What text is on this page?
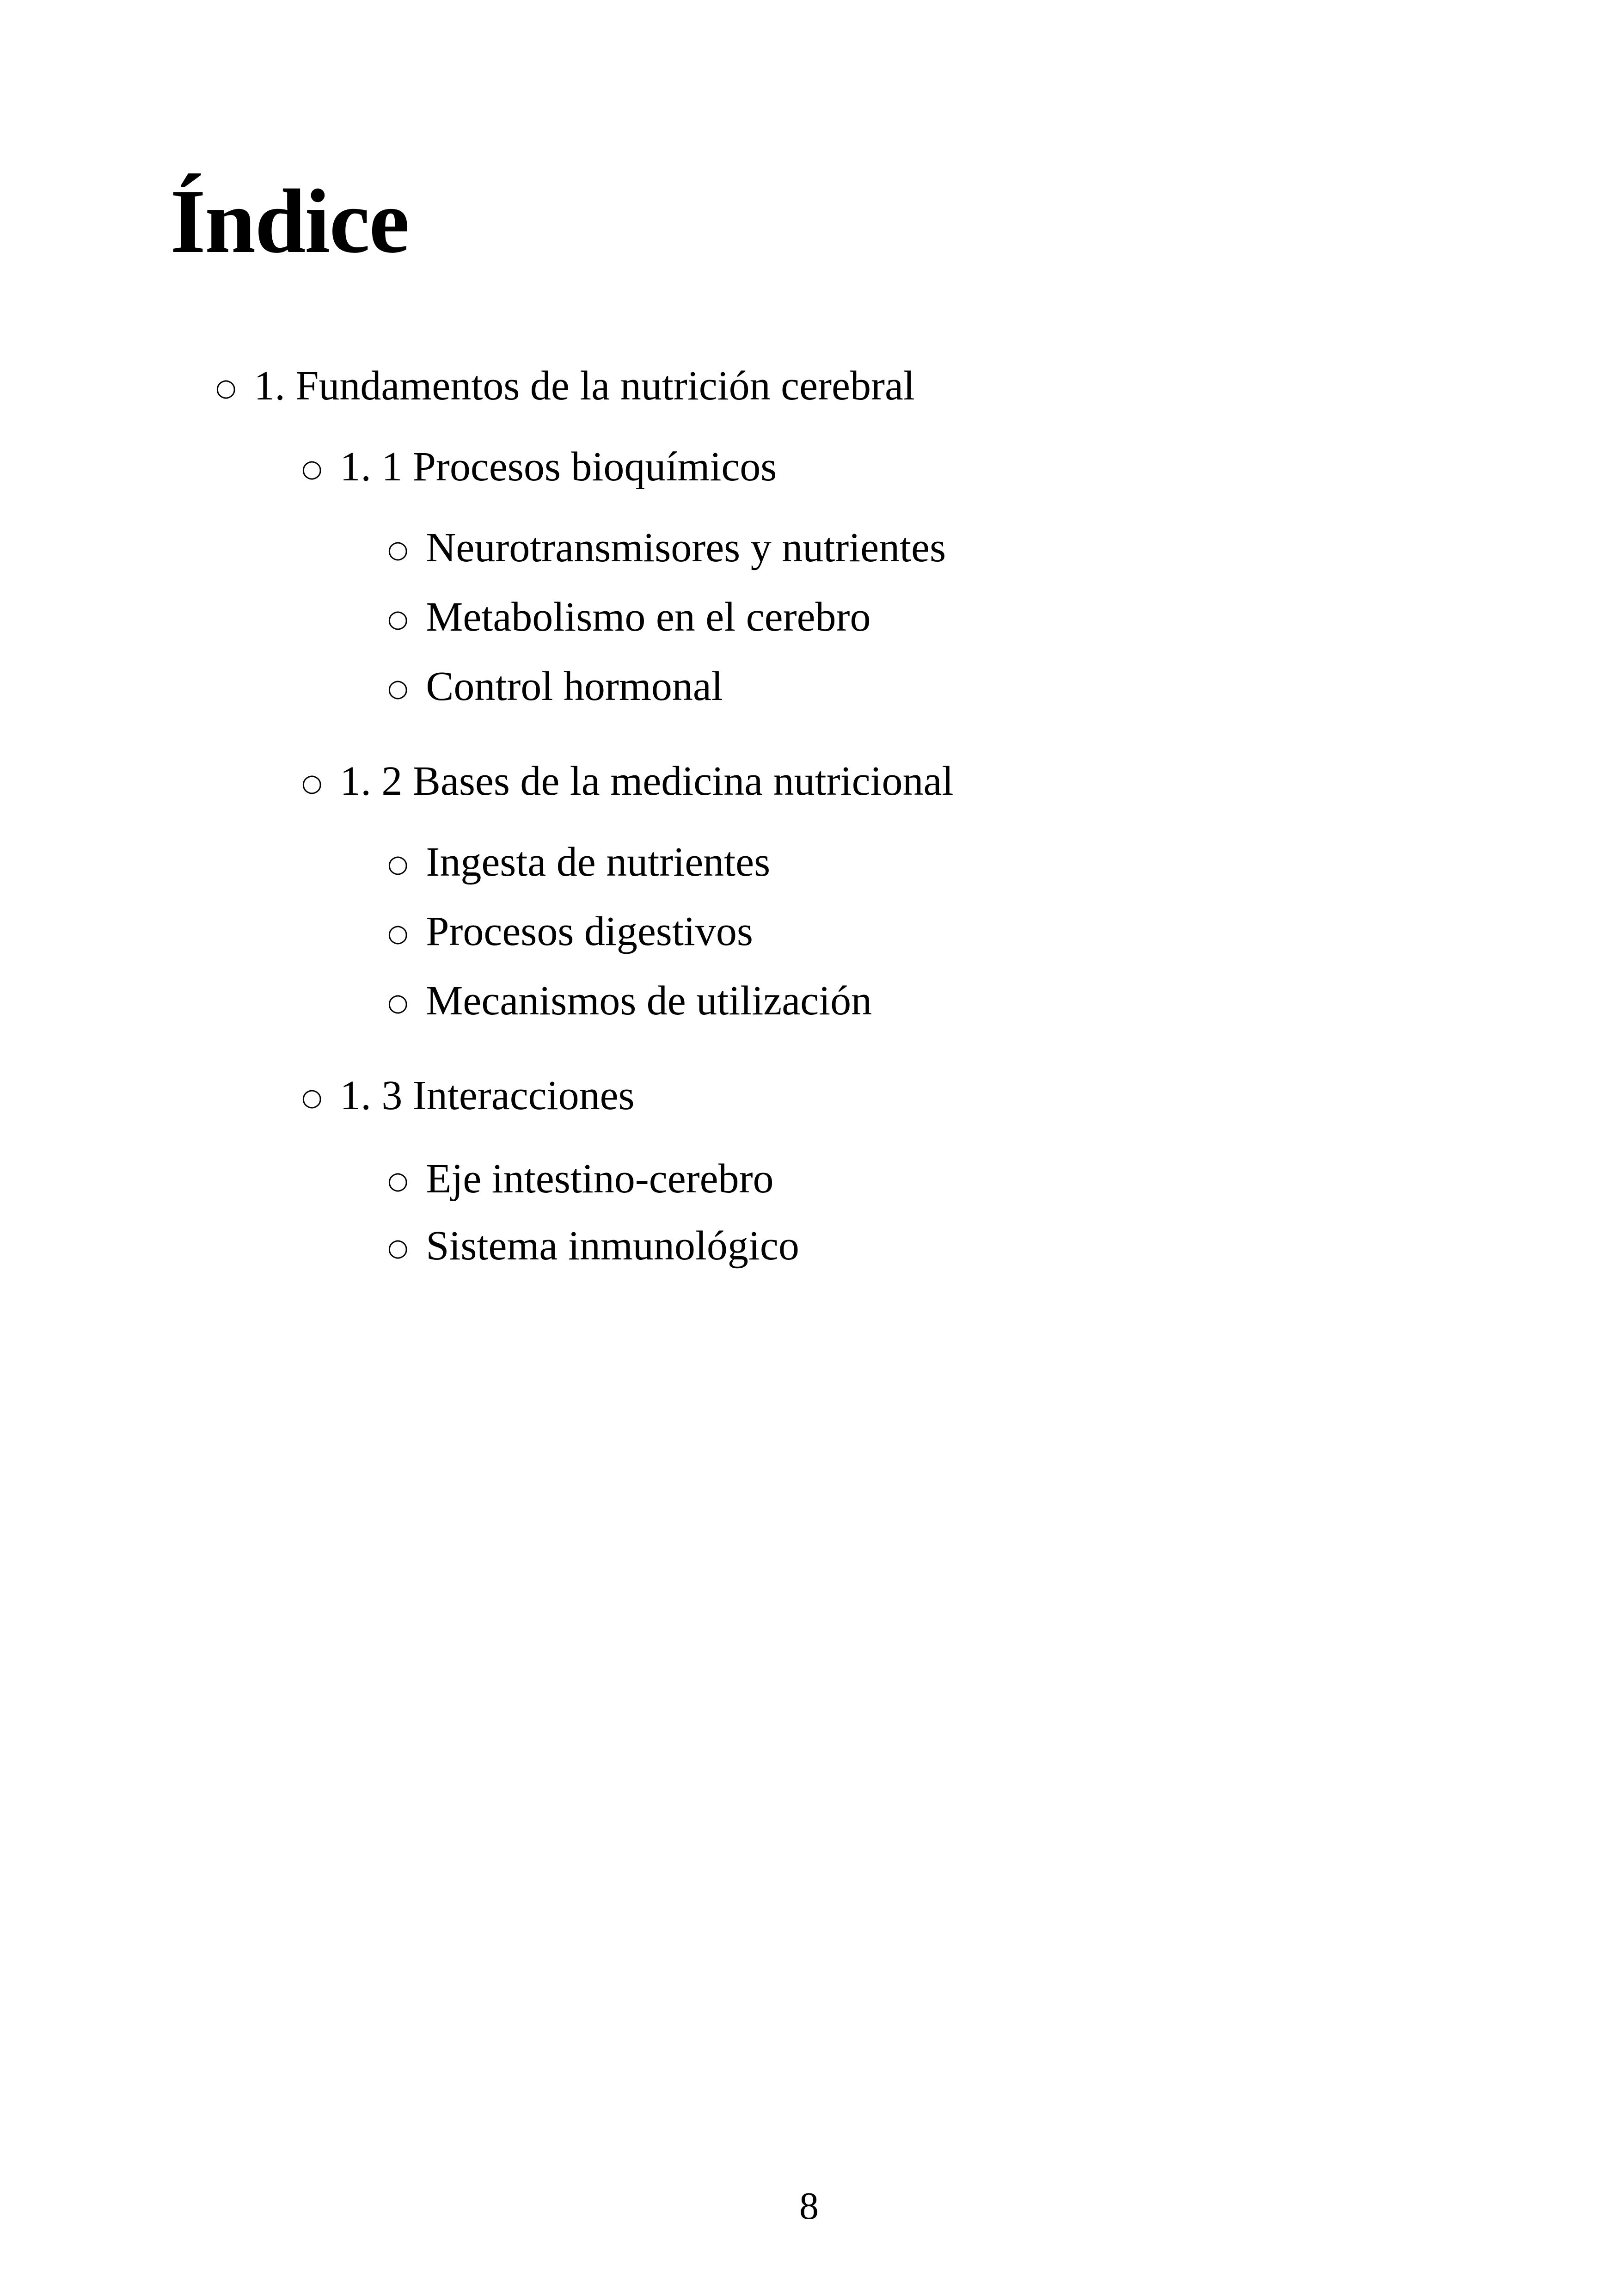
Índice
○ 1. Fundamentos de la nutrición cerebral
○ 1. 1 Procesos bioquímicos
○ Neurotransmisores y nutrientes
○ Metabolismo en el cerebro
○ Control hormonal
○ 1. 2 Bases de la medicina nutricional
○ Ingesta de nutrientes
○ Procesos digestivos
○ Mecanismos de utilización
○ 1. 3 Interacciones
○ Eje intestino-cerebro
○ Sistema inmunológico
8
